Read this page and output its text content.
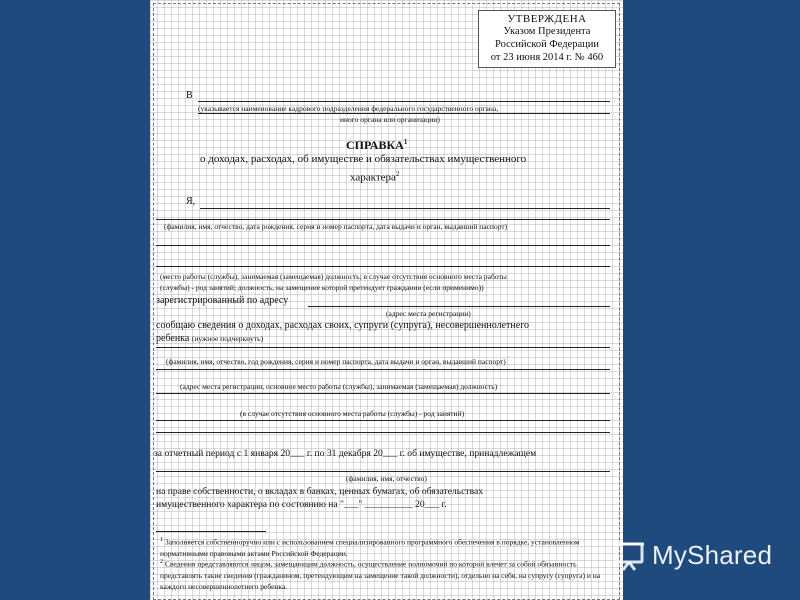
УТВЕРЖДЕНА
Указом Президента
Российской Федерации
от 23 июня 2014 г. № 460
В
(указывается наименование кадрового подразделения федерального государственного органа,
иного органа или организации)
СПРАВКА$^1$
о доходах, расходах, об имуществе и обязательствах имущественного
характера$^2$
Я,
(фамилия, имя, отчество, дата рождения, серия и номер паспорта, дата выдачи и орган, выдавший паспорт)
(место работы (службы), занимаемая (замещаемая) должность; в случае отсутствия основного места работы
(службы) - род занятий; должность, на замещение которой претендует гражданин (если применимо))
зарегистрированный по адресу
(адрес места регистрации)
сообщаю сведения о доходах, расходах своих, супруги (супруга), несовершеннолетнего
ребенка (нужное подчеркнуть)
(фамилия, имя, отчество, год рождения, серия и номер паспорта, дата выдачи и орган, выдавший паспорт)
(адрес места регистрации, основное место работы (службы), занимаемая (замещаемая) должность)
(в случае отсутствия основного места работы (службы) - род занятий)
за отчетный период с 1 января 20___ г. по 31 декабря 20___ г. об имуществе, принадлежащем
(фамилия, имя, отчество)
на праве собственности, о вкладах в банках, ценных бумагах, об обязательствах
имущественного характера по состоянию на "___" __________ 20___ г.
$^1$ Заполняется собственноручно или с использованием специализированного программного обеспечения в порядке, установленном нормативными правовыми актами Российской Федерации.
$^2$ Сведения представляются лицом, замещающим должность, осуществление полномочий по которой влечет за собой обязанность представлять такие сведения (гражданином, претендующим на замещение такой должности), отдельно на себя, на супругу (супруга) и на каждого несовершеннолетнего ребенка.
MyShared
